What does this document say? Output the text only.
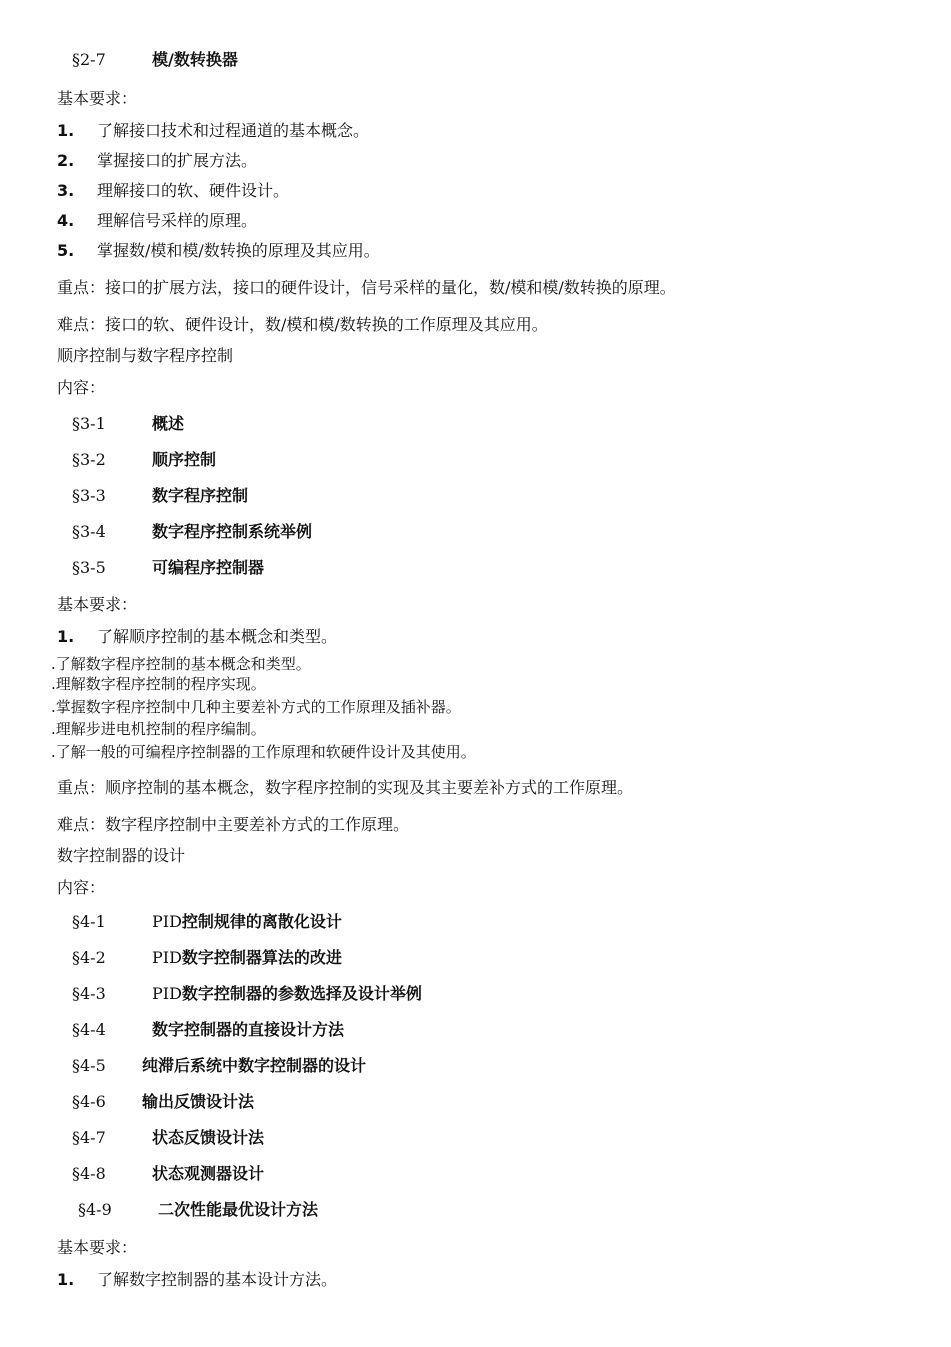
§2-7	模/数转换器
基本要求：
1. 了解接口技术和过程通道的基本概念。
2. 掌握接口的扩展方法。
3. 理解接口的软、硬件设计。
4. 理解信号采样的原理。
5. 掌握数/模和模/数转换的原理及其应用。
重点：接口的扩展方法，接口的硬件设计，信号采样的量化，数/模和模/数转换的原理。
难点：接口的软、硬件设计，数/模和模/数转换的工作原理及其应用。
顺序控制与数字程序控制
内容：
§3-1	概述
§3-2	顺序控制
§3-3	数字程序控制
§3-4	数字程序控制系统举例
§3-5	可编程序控制器
基本要求：
1. 了解顺序控制的基本概念和类型。
.了解数字程序控制的基本概念和类型。
.理解数字程序控制的程序实现。
.掌握数字程序控制中几种主要差补方式的工作原理及插补器。
.理解步进电机控制的程序编制。
.了解一般的可编程序控制器的工作原理和软硬件设计及其使用。
重点：顺序控制的基本概念，数字程序控制的实现及其主要差补方式的工作原理。
难点：数字程序控制中主要差补方式的工作原理。
数字控制器的设计
内容：
§4-1	PID控制规律的离散化设计
§4-2	PID数字控制器算法的改进
§4-3	PID数字控制器的参数选择及设计举例
§4-4	数字控制器的直接设计方法
§4-5 纯滞后系统中数字控制器的设计
§4-6 输出反馈设计法
§4-7	状态反馈设计法
§4-8	状态观测器设计
§4-9	二次性能最优设计方法
基本要求：
1. 了解数字控制器的基本设计方法。
